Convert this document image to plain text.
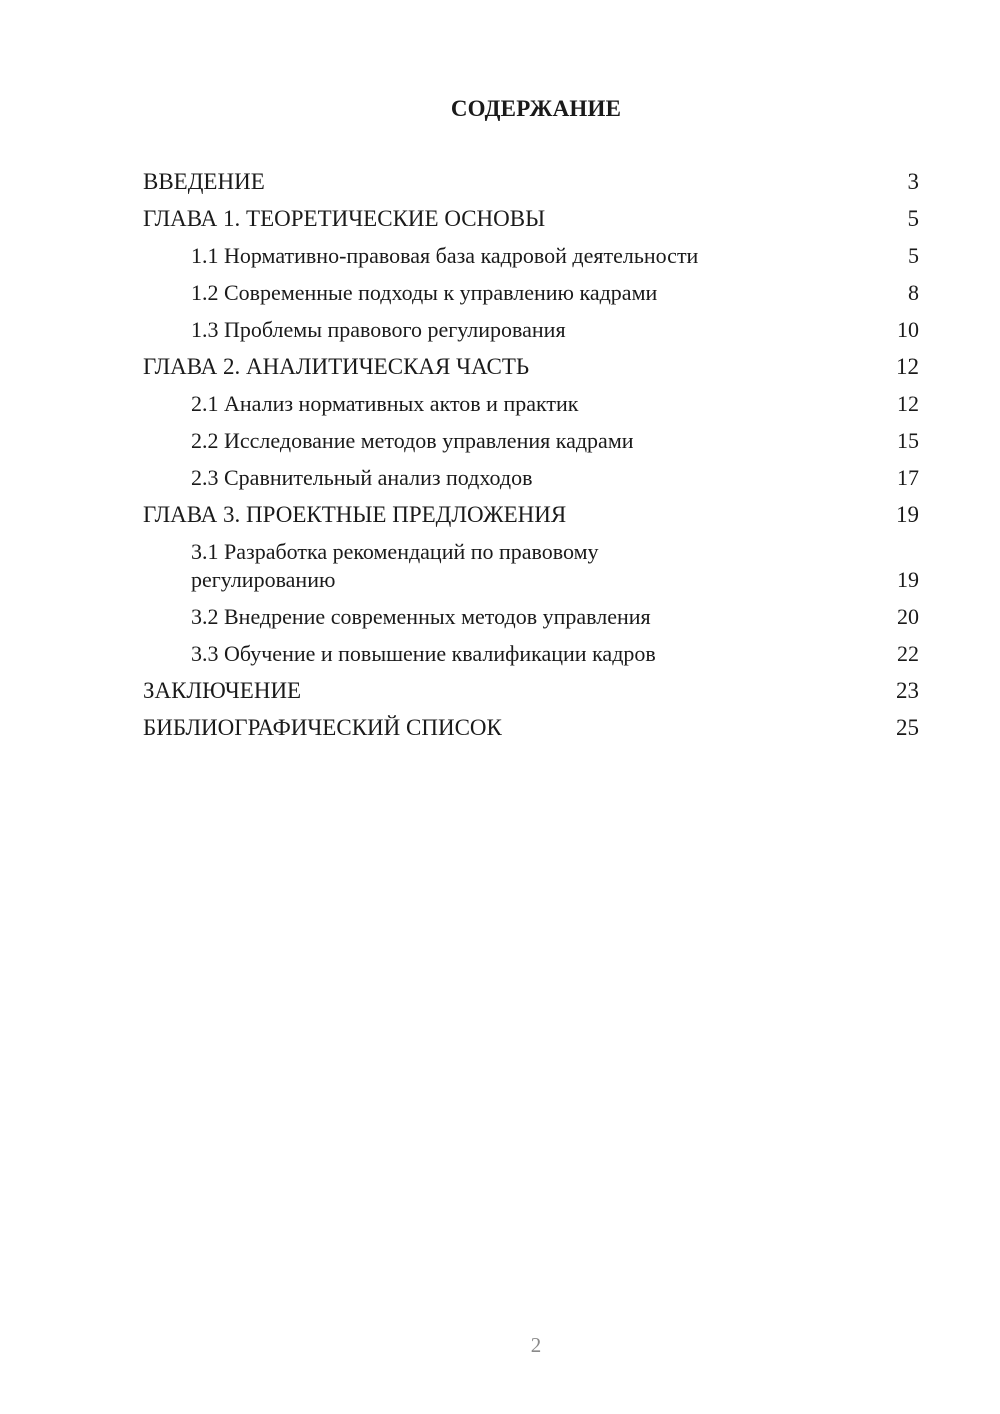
СОДЕРЖАНИЕ
ВВЕДЕНИЕ	3
ГЛАВА 1. ТЕОРЕТИЧЕСКИЕ ОСНОВЫ	5
1.1 Нормативно-правовая база кадровой деятельности	5
1.2 Современные подходы к управлению кадрами	8
1.3 Проблемы правового регулирования	10
ГЛАВА 2. АНАЛИТИЧЕСКАЯ ЧАСТЬ	12
2.1 Анализ нормативных актов и практик	12
2.2 Исследование методов управления кадрами	15
2.3 Сравнительный анализ подходов	17
ГЛАВА 3. ПРОЕКТНЫЕ ПРЕДЛОЖЕНИЯ	19
3.1 Разработка рекомендаций по правовому регулированию	19
3.2 Внедрение современных методов управления	20
3.3 Обучение и повышение квалификации кадров	22
ЗАКЛЮЧЕНИЕ	23
БИБЛИОГРАФИЧЕСКИЙ СПИСОК	25
2
